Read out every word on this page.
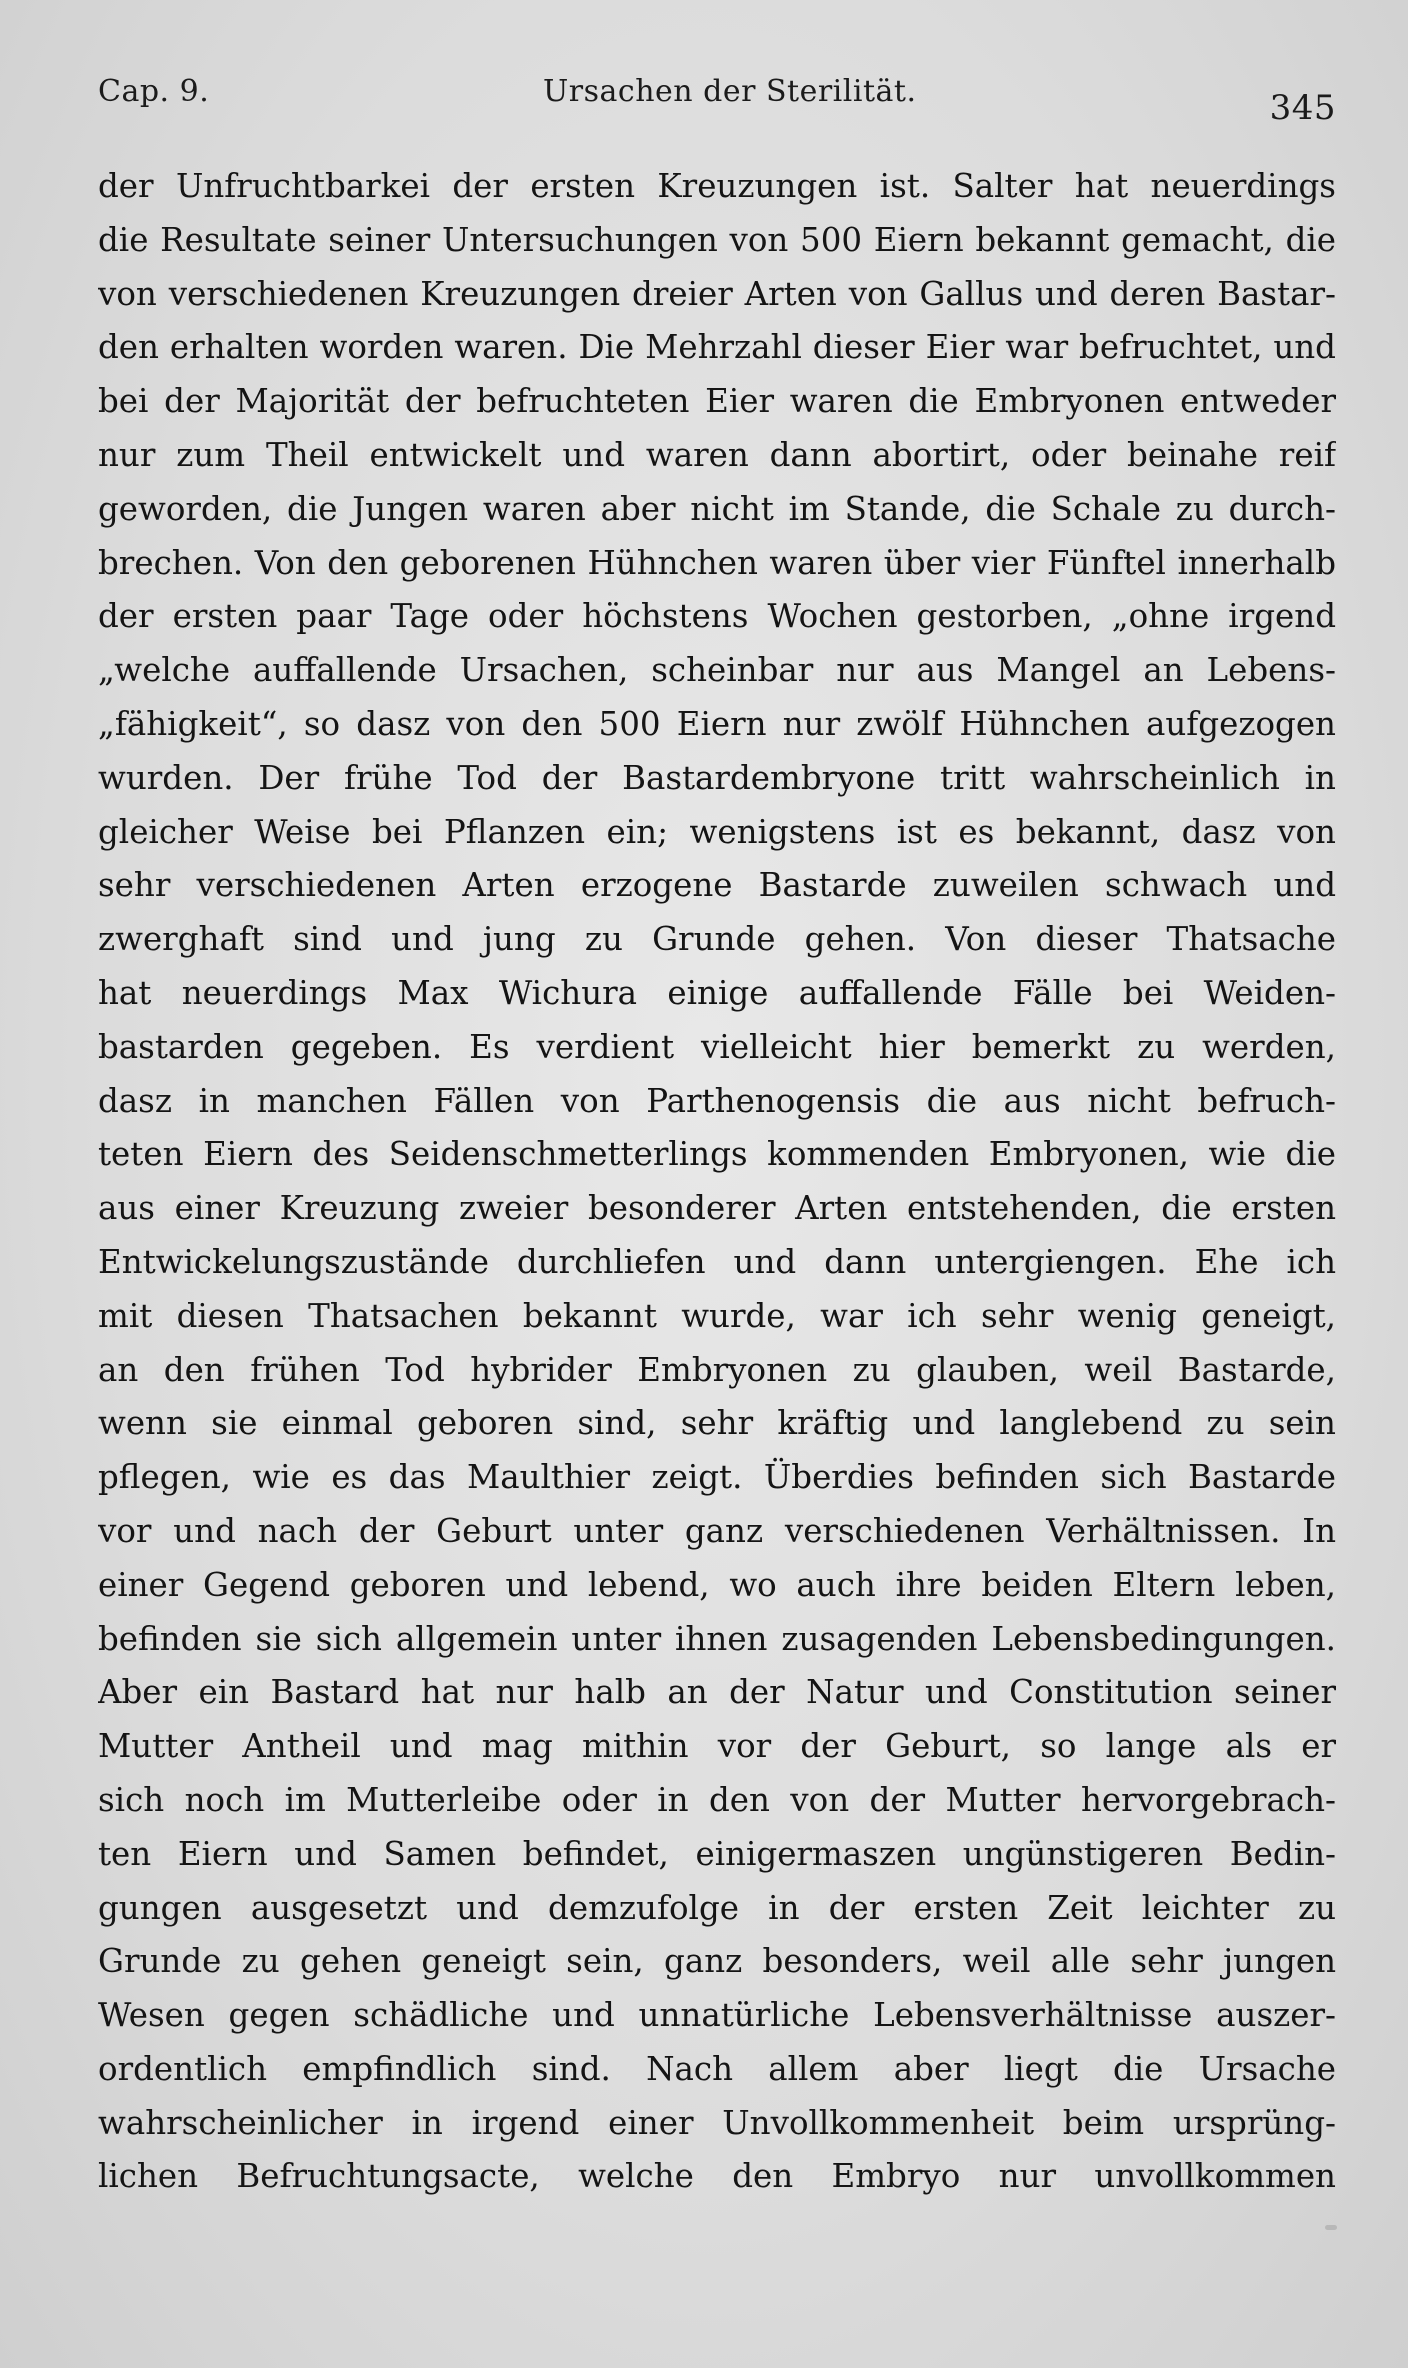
Cap. 9.	Ursachen der Sterilität.	345
der Unfruchtbarkei der ersten Kreuzungen ist. Salter hat neuerdings
die Resultate seiner Untersuchungen von 500 Eiern bekannt gemacht, die
von verschiedenen Kreuzungen dreier Arten von Gallus und deren Bastar-
den erhalten worden waren. Die Mehrzahl dieser Eier war befruchtet, und
bei der Majorität der befruchteten Eier waren die Embryonen entweder
nur zum Theil entwickelt und waren dann abortirt, oder beinahe reif
geworden, die Jungen waren aber nicht im Stande, die Schale zu durch-
brechen. Von den geborenen Hühnchen waren über vier Fünftel innerhalb
der ersten paar Tage oder höchstens Wochen gestorben, „ohne irgend
„welche auffallende Ursachen, scheinbar nur aus Mangel an Lebens-
„fähigkeit“, so dasz von den 500 Eiern nur zwölf Hühnchen aufgezogen
wurden. Der frühe Tod der Bastardembryone tritt wahrscheinlich in
gleicher Weise bei Pflanzen ein; wenigstens ist es bekannt, dasz von
sehr verschiedenen Arten erzogene Bastarde zuweilen schwach und
zwerghaft sind und jung zu Grunde gehen. Von dieser Thatsache
hat neuerdings Max Wichura einige auffallende Fälle bei Weiden-
bastarden gegeben. Es verdient vielleicht hier bemerkt zu werden,
dasz in manchen Fällen von Parthenogensis die aus nicht befruch-
teten Eiern des Seidenschmetterlings kommenden Embryonen, wie die
aus einer Kreuzung zweier besonderer Arten entstehenden, die ersten
Entwickelungszustände durchliefen und dann untergiengen. Ehe ich
mit diesen Thatsachen bekannt wurde, war ich sehr wenig geneigt,
an den frühen Tod hybrider Embryonen zu glauben, weil Bastarde,
wenn sie einmal geboren sind, sehr kräftig und langlebend zu sein
pflegen, wie es das Maulthier zeigt. Überdies befinden sich Bastarde
vor und nach der Geburt unter ganz verschiedenen Verhältnissen. In
einer Gegend geboren und lebend, wo auch ihre beiden Eltern leben,
befinden sie sich allgemein unter ihnen zusagenden Lebensbedingungen.
Aber ein Bastard hat nur halb an der Natur und Constitution seiner
Mutter Antheil und mag mithin vor der Geburt, so lange als er
sich noch im Mutterleibe oder in den von der Mutter hervorgebrach-
ten Eiern und Samen befindet, einigermaszen ungünstigeren Bedin-
gungen ausgesetzt und demzufolge in der ersten Zeit leichter zu
Grunde zu gehen geneigt sein, ganz besonders, weil alle sehr jungen
Wesen gegen schädliche und unnatürliche Lebensverhältnisse auszer-
ordentlich empfindlich sind. Nach allem aber liegt die Ursache
wahrscheinlicher in irgend einer Unvollkommenheit beim ursprüng-
lichen Befruchtungsacte, welche den Embryo nur unvollkommen
